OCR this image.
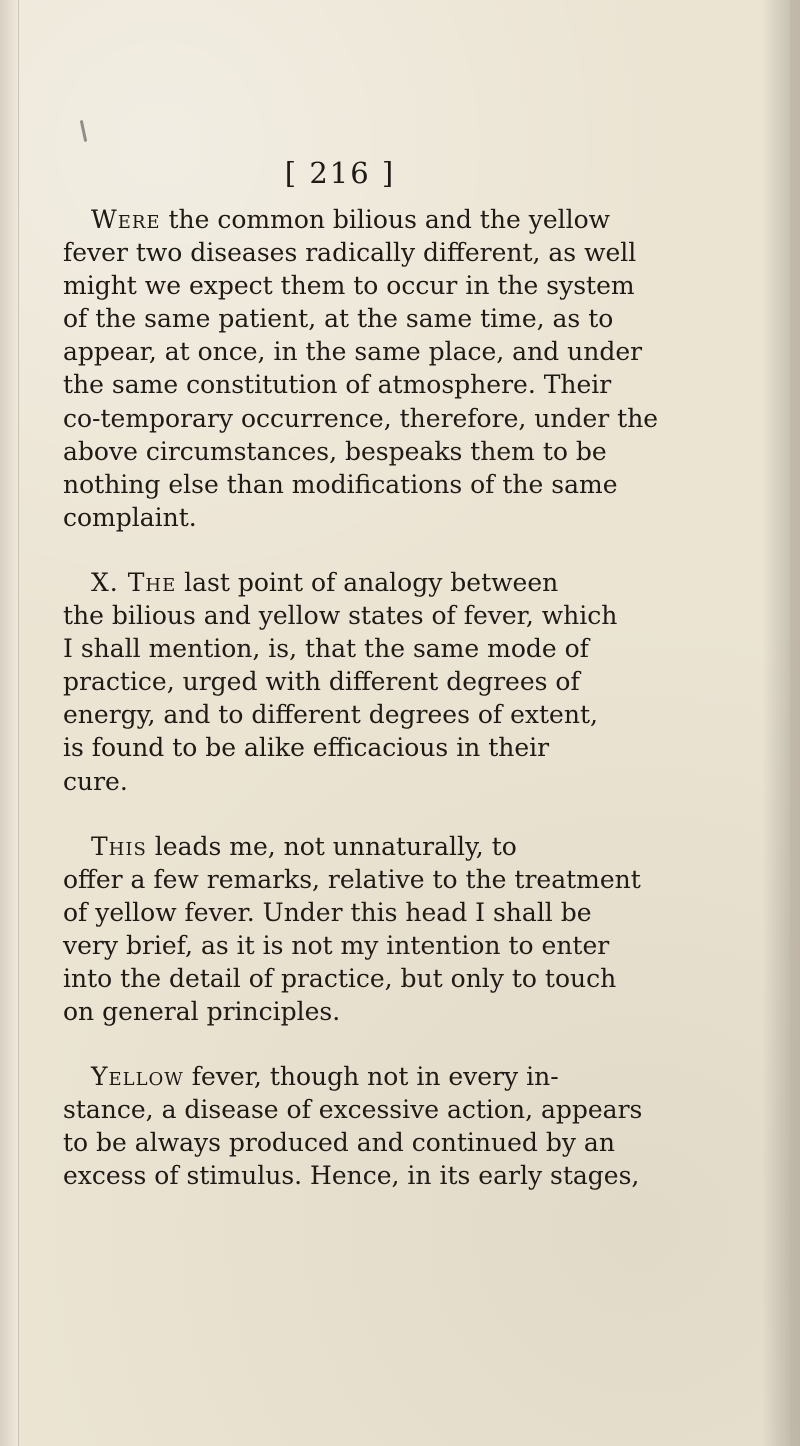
[ 216 ]
Were the common bilious and the yellow
fever two diseases radically different, as well
might we expect them to occur in the system
of the same patient, at the same time, as to
appear, at once, in the same place, and under
the same constitution of atmosphere. Their
co-temporary occurrence, therefore, under the
above circumstances, bespeaks them to be
nothing else than modifications of the same
complaint.
X. The last point of analogy between
the bilious and yellow states of fever, which
I shall mention, is, that the same mode of
practice, urged with different degrees of
energy, and to different degrees of extent,
is found to be alike efficacious in their
cure.
This leads me, not unnaturally, to
offer a few remarks, relative to the treatment
of yellow fever. Under this head I shall be
very brief, as it is not my intention to enter
into the detail of practice, but only to touch
on general principles.
Yellow fever, though not in every in-
stance, a disease of excessive action, appears
to be always produced and continued by an
excess of stimulus. Hence, in its early stages,
